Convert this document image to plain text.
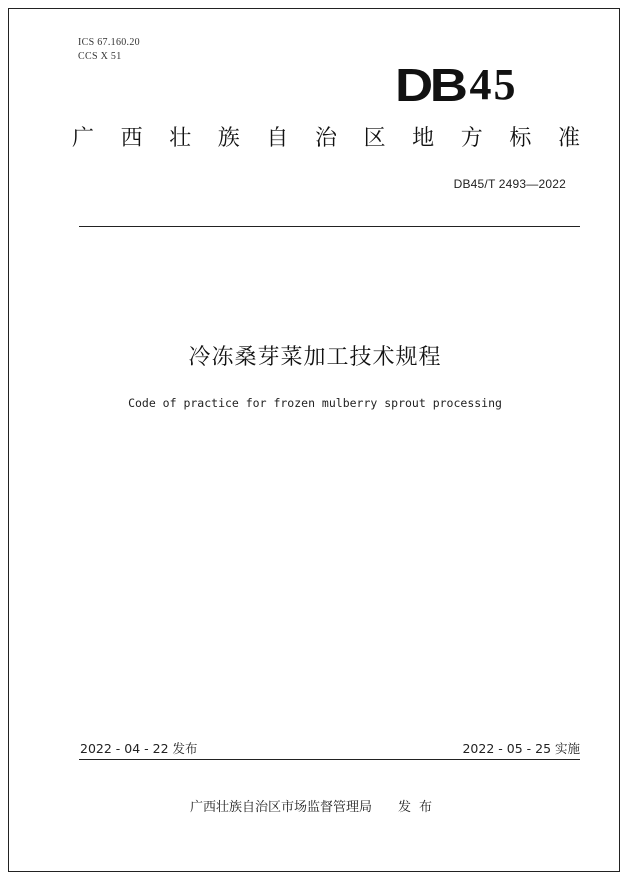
ICS 67.160.20
CCS X 51
DB 45
广 西 壮 族 自 治 区 地 方 标 准
DB45/T 2493—2022
冷冻桑芽菜加工技术规程
Code of practice for frozen mulberry sprout processing
2022 - 04 - 22 发布	2022 - 05 - 25 实施
广西壮族自治区市场监督管理局 发布
